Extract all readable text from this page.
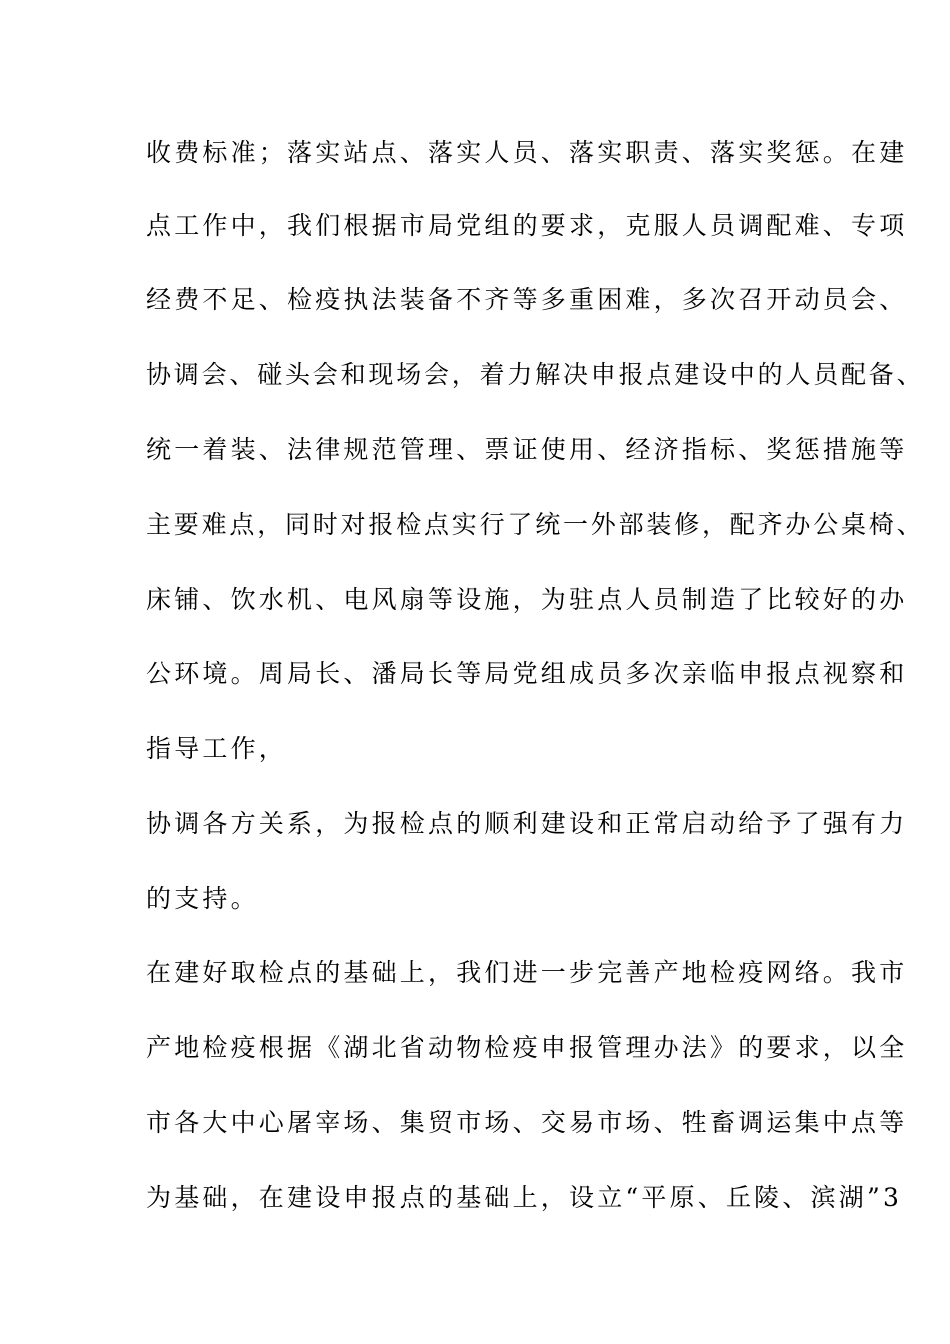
收费标准；落实站点、落实人员、落实职责、落实奖惩。在建
点工作中，我们根据市局党组的要求，克服人员调配难、专项
经费不足、检疫执法装备不齐等多重困难，多次召开动员会、
协调会、碰头会和现场会，着力解决申报点建设中的人员配备、
统一着装、法律规范管理、票证使用、经济指标、奖惩措施等
主要难点，同时对报检点实行了统一外部装修，配齐办公桌椅、
床铺、饮水机、电风扇等设施，为驻点人员制造了比较好的办
公环境。周局长、潘局长等局党组成员多次亲临申报点视察和
指导工作，
协调各方关系，为报检点的顺利建设和正常启动给予了强有力
的支持。
在建好取检点的基础上，我们进一步完善产地检疫网络。我市
产地检疫根据《湖北省动物检疫申报管理办法》的要求，以全
市各大中心屠宰场、集贸市场、交易市场、牲畜调运集中点等
为基础，在建设申报点的基础上，设立“平原、丘陵、滨湖”3
